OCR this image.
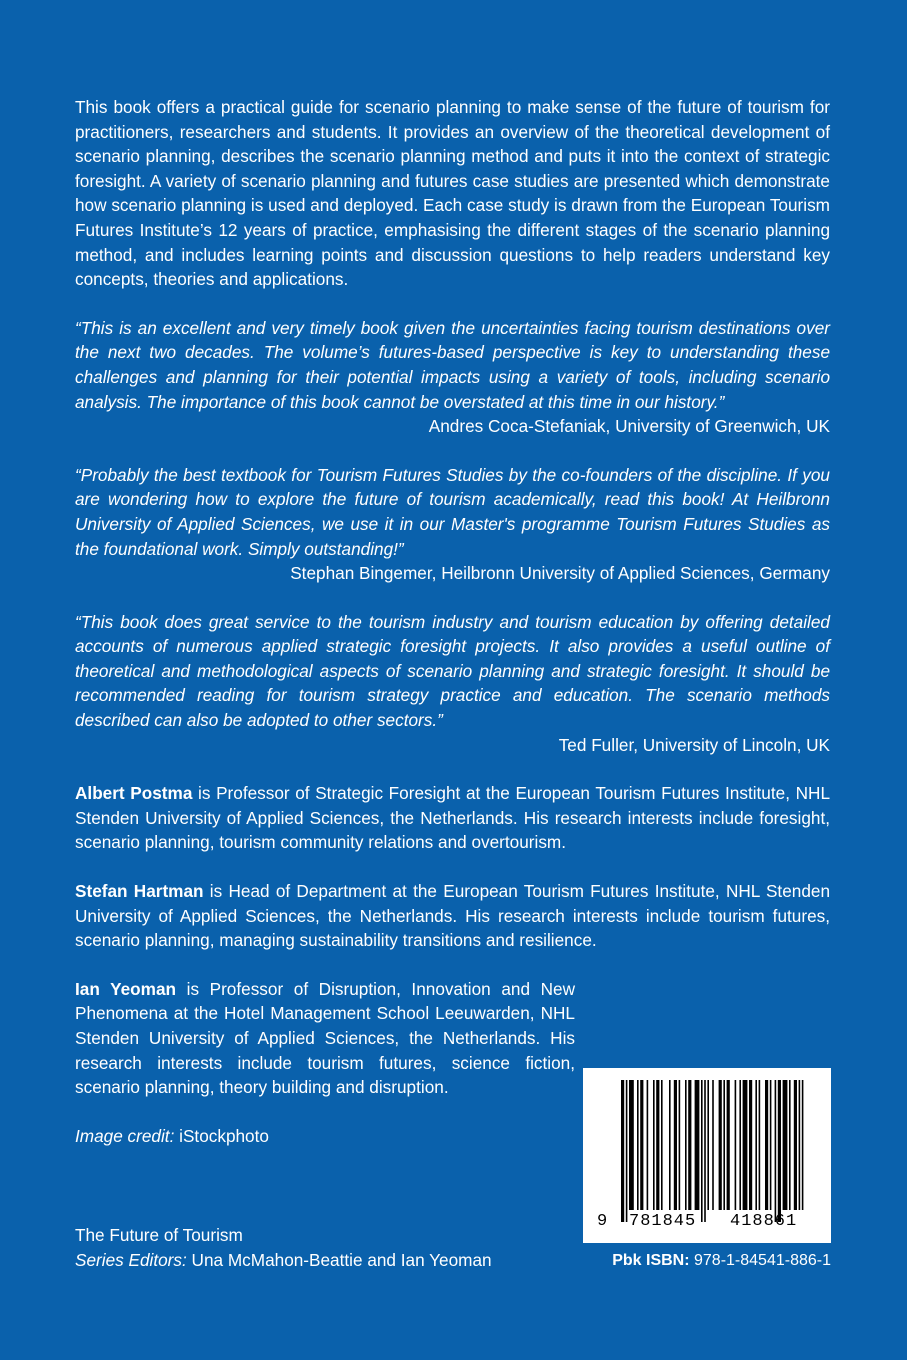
This book offers a practical guide for scenario planning to make sense of the future of tourism for practitioners, researchers and students. It provides an overview of the theoretical development of scenario planning, describes the scenario planning method and puts it into the context of strategic foresight. A variety of scenario planning and futures case studies are presented which demonstrate how scenario planning is used and deployed. Each case study is drawn from the European Tourism Futures Institute’s 12 years of practice, emphasising the different stages of the scenario planning method, and includes learning points and discussion questions to help readers understand key concepts, theories and applications.

“This is an excellent and very timely book given the uncertainties facing tourism destinations over the next two decades. The volume’s futures-based perspective is key to understanding these challenges and planning for their potential impacts using a variety of tools, including scenario analysis. The importance of this book cannot be overstated at this time in our history.”

Andres Coca-Stefaniak, University of Greenwich, UK

“Probably the best textbook for Tourism Futures Studies by the co-founders of the discipline. If you are wondering how to explore the future of tourism academically, read this book! At Heilbronn University of Applied Sciences, we use it in our Master's programme Tourism Futures Studies as the foundational work. Simply outstanding!”

Stephan Bingemer, Heilbronn University of Applied Sciences, Germany

“This book does great service to the tourism industry and tourism education by offering detailed accounts of numerous applied strategic foresight projects. It also provides a useful outline of theoretical and methodological aspects of scenario planning and strategic foresight. It should be recommended reading for tourism strategy practice and education. The scenario methods described can also be adopted to other sectors.”

Ted Fuller, University of Lincoln, UK

Albert Postma is Professor of Strategic Foresight at the European Tourism Futures Institute, NHL Stenden University of Applied Sciences, the Netherlands. His research interests include foresight, scenario planning, tourism community relations and overtourism.

Stefan Hartman is Head of Department at the European Tourism Futures Institute, NHL Stenden University of Applied Sciences, the Netherlands. His research interests include tourism futures, scenario planning, managing sustainability transitions and resilience.

Ian Yeoman is Professor of Disruption, Innovation and New Phenomena at the Hotel Management School Leeuwarden, NHL Stenden University of Applied Sciences, the Netherlands. His research interests include tourism futures, science fiction, scenario planning, theory building and disruption.

Image credit: iStockphoto

The Future of Tourism
Series Editors: Una McMahon-Beattie and Ian Yeoman
9 781845 418861
Pbk ISBN: 978-1-84541-886-1
